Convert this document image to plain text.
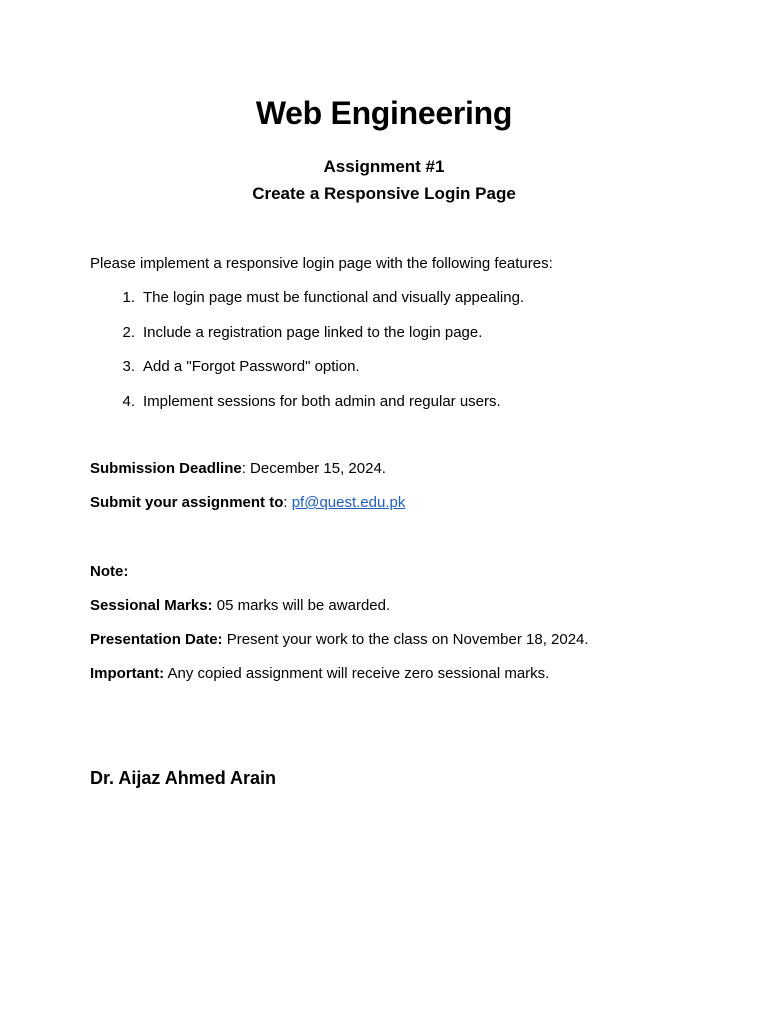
Web Engineering
Assignment #1
Create a Responsive Login Page
Please implement a responsive login page with the following features:
1. The login page must be functional and visually appealing.
2. Include a registration page linked to the login page.
3. Add a "Forgot Password" option.
4. Implement sessions for both admin and regular users.
Submission Deadline: December 15, 2024.
Submit your assignment to: pf@quest.edu.pk
Note:
Sessional Marks: 05 marks will be awarded.
Presentation Date: Present your work to the class on November 18, 2024.
Important: Any copied assignment will receive zero sessional marks.
Dr. Aijaz Ahmed Arain
